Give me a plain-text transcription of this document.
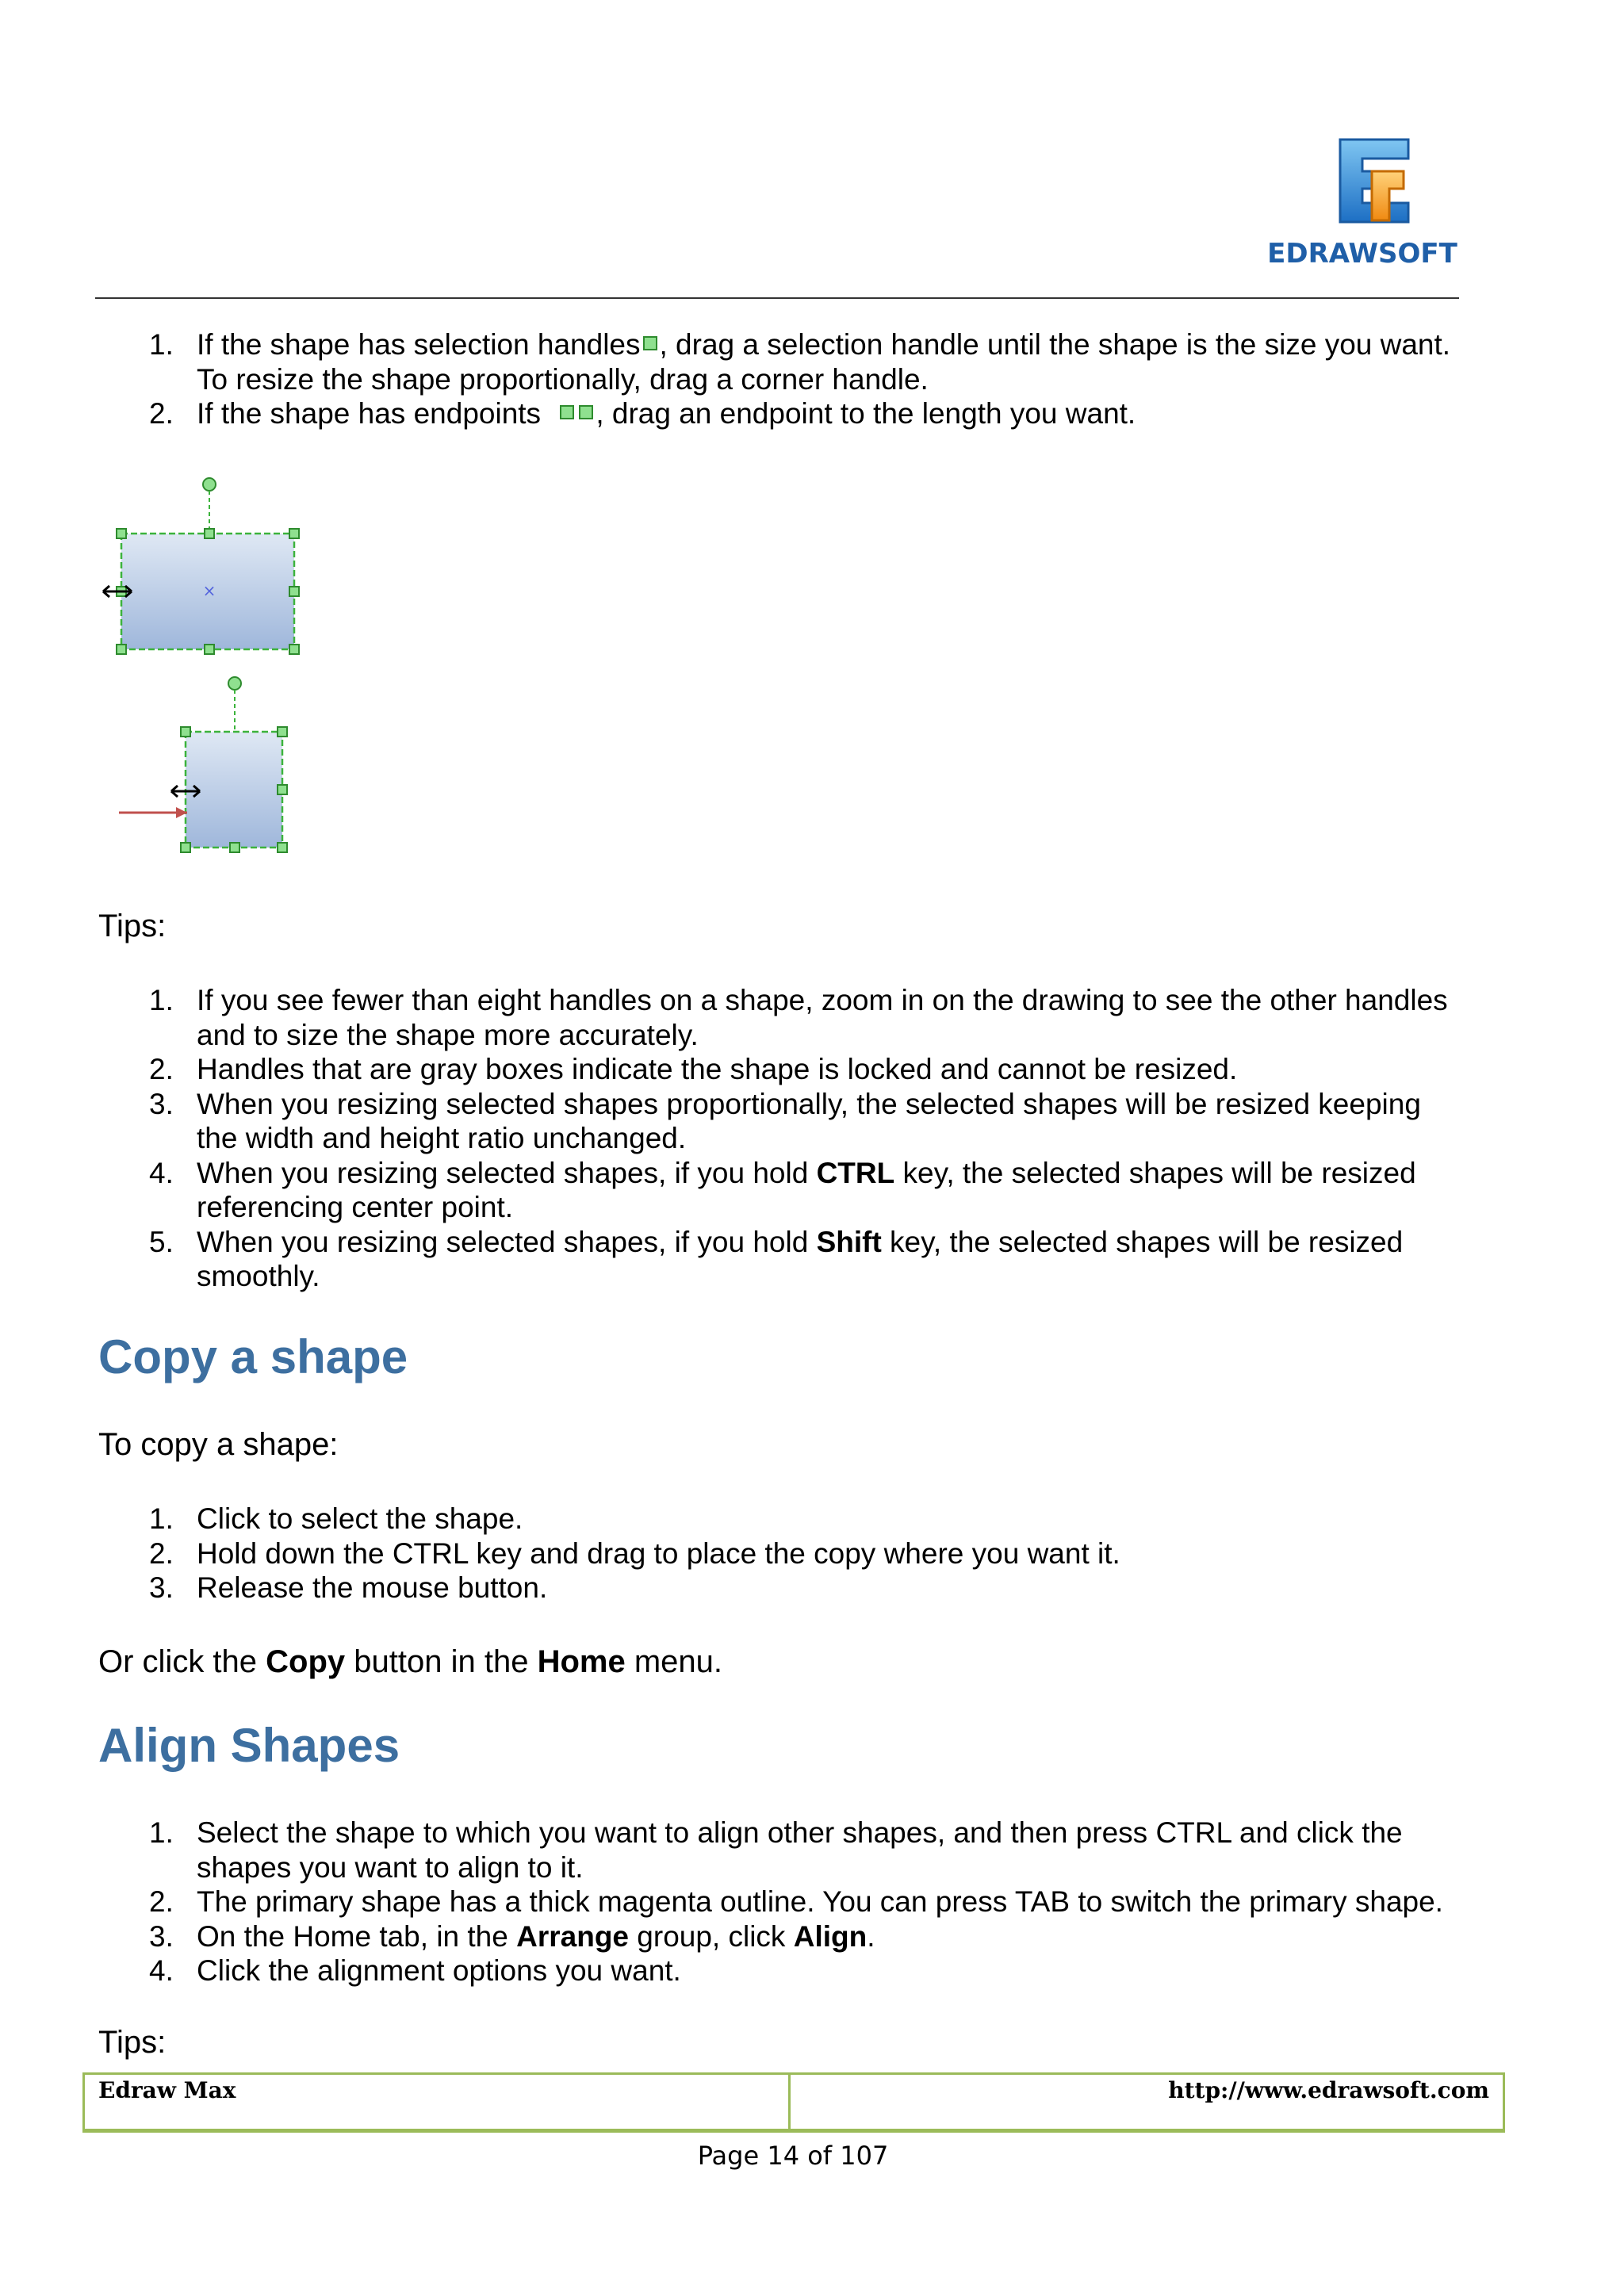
EDRAWSOFT
1. If the shape has selection handles , drag a selection handle until the shape is the size you want.
To resize the shape proportionally, drag a corner handle.
2. If the shape has endpoints , drag an endpoint to the length you want.
×
Tips:
1. If you see fewer than eight handles on a shape, zoom in on the drawing to see the other handles
and to size the shape more accurately.
2. Handles that are gray boxes indicate the shape is locked and cannot be resized.
3. When you resizing selected shapes proportionally, the selected shapes will be resized keeping
the width and height ratio unchanged.
4. When you resizing selected shapes, if you hold CTRL key, the selected shapes will be resized
referencing center point.
5. When you resizing selected shapes, if you hold Shift key, the selected shapes will be resized
smoothly.
Copy a shape
To copy a shape:
1. Click to select the shape.
2. Hold down the CTRL key and drag to place the copy where you want it.
3. Release the mouse button.
Or click the Copy button in the Home menu.
Align Shapes
1. Select the shape to which you want to align other shapes, and then press CTRL and click the
shapes you want to align to it.
2. The primary shape has a thick magenta outline. You can press TAB to switch the primary shape.
3. On the Home tab, in the Arrange group, click Align.
4. Click the alignment options you want.
Tips:
Edraw Max	http://www.edrawsoft.com
Page 14 of 107
